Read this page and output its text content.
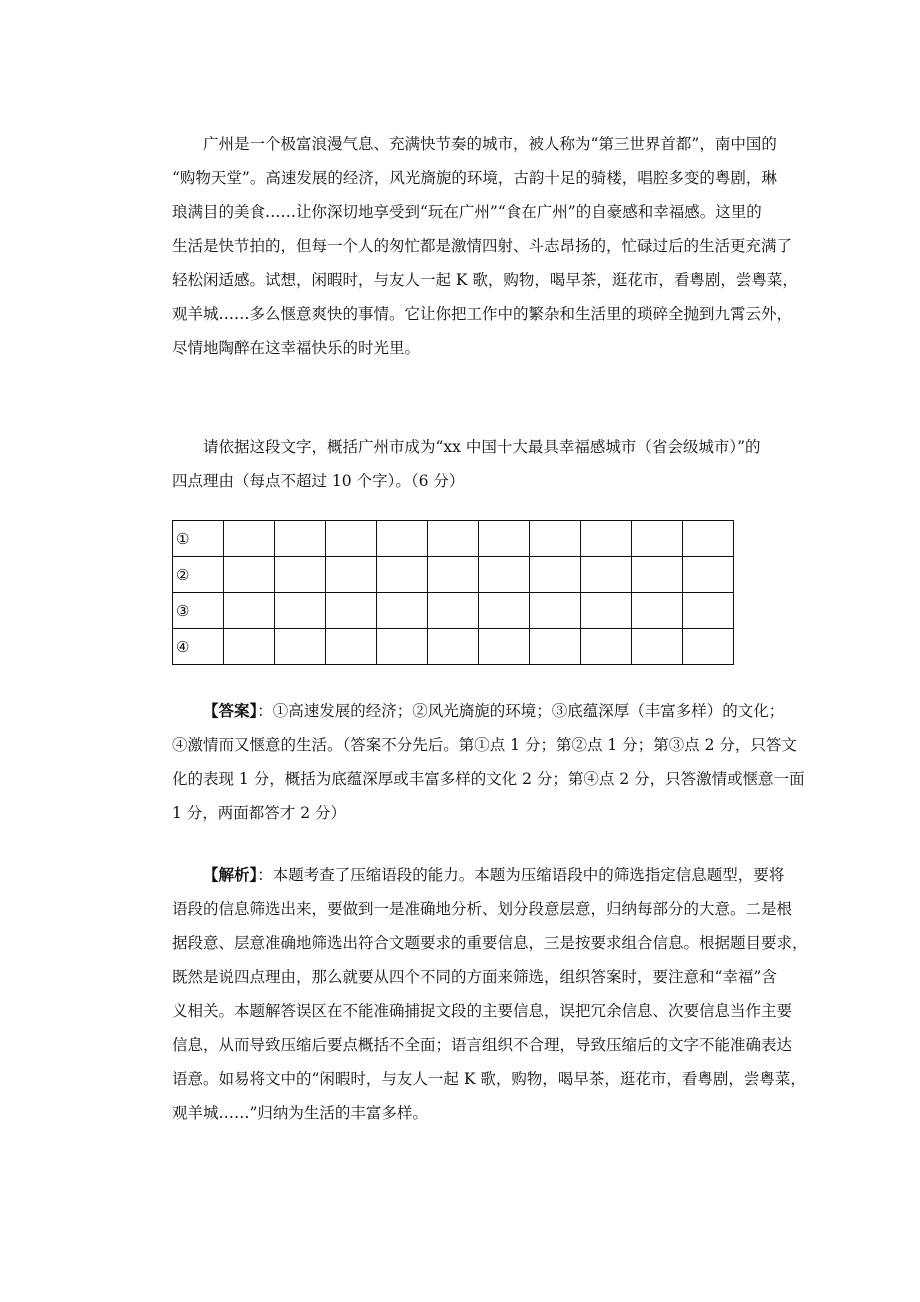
广州是一个极富浪漫气息、充满快节奏的城市，被人称为“第三世界首都”，南中国的
“购物天堂”。高速发展的经济，风光旖旎的环境，古韵十足的骑楼，唱腔多变的粤剧，琳
琅满目的美食……让你深切地享受到“玩在广州”“食在广州”的自豪感和幸福感。这里的
生活是快节拍的，但每一个人的匆忙都是激情四射、斗志昂扬的，忙碌过后的生活更充满了
轻松闲适感。试想，闲暇时，与友人一起 K 歌，购物，喝早茶，逛花市，看粤剧，尝粤菜，
观羊城……多么惬意爽快的事情。它让你把工作中的繁杂和生活里的琐碎全抛到九霄云外，
尽情地陶醉在这幸福快乐的时光里。
请依据这段文字，概括广州市成为“xx 中国十大最具幸福感城市（省会级城市）”的
四点理由（每点不超过 10 个字）。（6 分）
①										
②										
③										
④										
【答案】：①高速发展的经济；②风光旖旎的环境；③底蕴深厚（丰富多样）的文化；
④激情而又惬意的生活。（答案不分先后。第①点 1 分；第②点 1 分；第③点 2 分，只答文
化的表现 1 分，概括为底蕴深厚或丰富多样的文化 2 分；第④点 2 分，只答激情或惬意一面
1 分，两面都答才 2 分）
【解析】：本题考查了压缩语段的能力。本题为压缩语段中的筛选指定信息题型，要将
语段的信息筛选出来，要做到一是准确地分析、划分段意层意，归纳每部分的大意。二是根
据段意、层意准确地筛选出符合文题要求的重要信息，三是按要求组合信息。根据题目要求，
既然是说四点理由，那么就要从四个不同的方面来筛选，组织答案时，要注意和“幸福”含
义相关。本题解答误区在不能准确捕捉文段的主要信息，误把冗余信息、次要信息当作主要
信息，从而导致压缩后要点概括不全面；语言组织不合理，导致压缩后的文字不能准确表达
语意。如易将文中的“闲暇时，与友人一起 K 歌，购物，喝早茶，逛花市，看粤剧，尝粤菜，
观羊城……”归纳为生活的丰富多样。
